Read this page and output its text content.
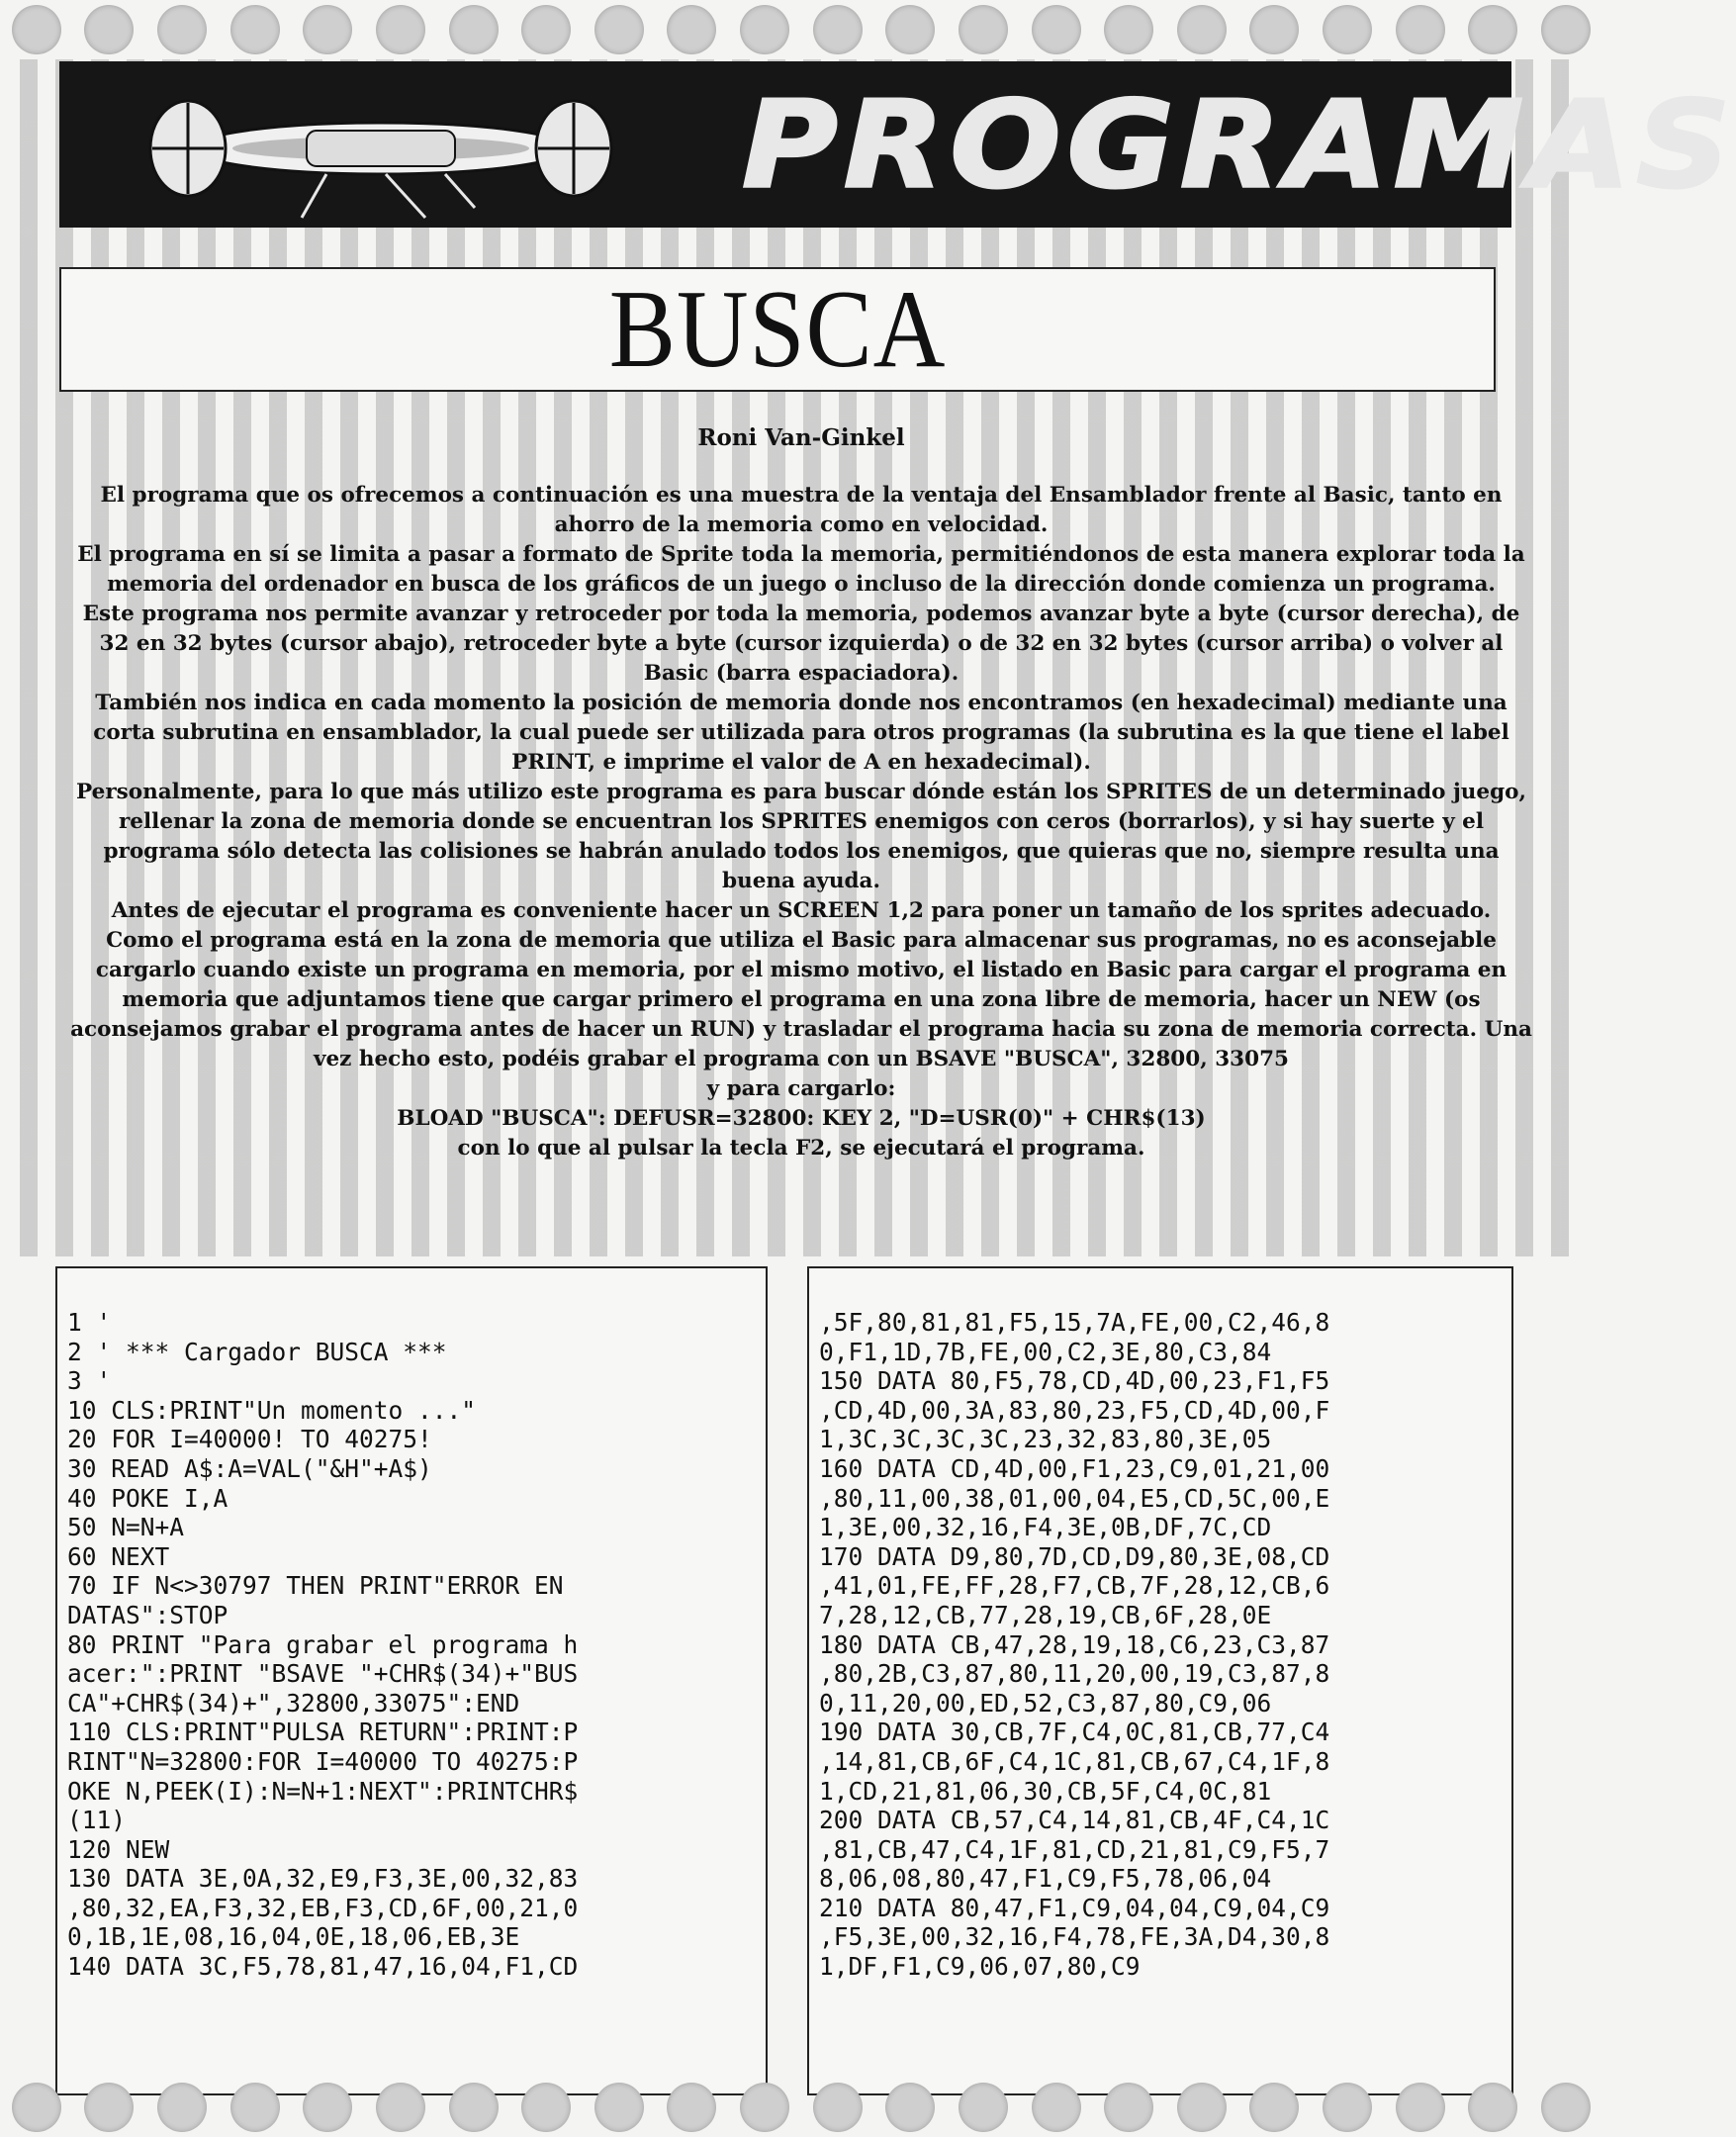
PROGRAMAS
BUSCA

Roni Van-Ginkel

El programa que os ofrecemos a continuación es una muestra de la ventaja del Ensamblador frente al Basic, tanto en ahorro de la memoria como en velocidad.

El programa en sí se limita a pasar a formato de Sprite toda la memoria, permitiéndonos de esta manera explorar toda la memoria del ordenador en busca de los gráficos de un juego o incluso de la dirección donde comienza un programa.

Este programa nos permite avanzar y retroceder por toda la memoria, podemos avanzar byte a byte (cursor derecha), de 32 en 32 bytes (cursor abajo), retroceder byte a byte (cursor izquierda) o de 32 en 32 bytes (cursor arriba) o volver al Basic (barra espaciadora).

También nos indica en cada momento la posición de memoria donde nos encontramos (en hexadecimal) mediante una corta subrutina en ensamblador, la cual puede ser utilizada para otros programas (la subrutina es la que tiene el label PRINT, e imprime el valor de A en hexadecimal).

Personalmente, para lo que más utilizo este programa es para buscar dónde están los SPRITES de un determinado juego, rellenar la zona de memoria donde se encuentran los SPRITES enemigos con ceros (borrarlos), y si hay suerte y el programa sólo detecta las colisiones se habrán anulado todos los enemigos, que quieras que no, siempre resulta una buena ayuda.

Antes de ejecutar el programa es conveniente hacer un SCREEN 1,2 para poner un tamaño de los sprites adecuado.

Como el programa está en la zona de memoria que utiliza el Basic para almacenar sus programas, no es aconsejable cargarlo cuando existe un programa en memoria, por el mismo motivo, el listado en Basic para cargar el programa en memoria que adjuntamos tiene que cargar primero el programa en una zona libre de memoria, hacer un NEW (os aconsejamos grabar el programa antes de hacer un RUN) y trasladar el programa hacia su zona de memoria correcta. Una vez hecho esto, podéis grabar el programa con un BSAVE "BUSCA", 32800, 33075

y para cargarlo:

BLOAD "BUSCA": DEFUSR=32800: KEY 2, "D=USR(0)" + CHR$(13)

con lo que al pulsar la tecla F2, se ejecutará el programa.

1 '
2 ' *** Cargador BUSCA ***
3 '
10 CLS:PRINT"Un momento ..."
20 FOR I=40000! TO 40275!
30 READ A$:A=VAL("&H"+A$)
40 POKE I,A
50 N=N+A
60 NEXT
70 IF N<>30797 THEN PRINT"ERROR EN
DATAS":STOP
80 PRINT "Para grabar el programa h
acer:":PRINT "BSAVE "+CHR$(34)+"BUS
CA"+CHR$(34)+",32800,33075":END
110 CLS:PRINT"PULSA RETURN":PRINT:P
RINT"N=32800:FOR I=40000 TO 40275:P
OKE N,PEEK(I):N=N+1:NEXT":PRINTCHR$
(11)
120 NEW
130 DATA 3E,0A,32,E9,F3,3E,00,32,83
,80,32,EA,F3,32,EB,F3,CD,6F,00,21,0
0,1B,1E,08,16,04,0E,18,06,EB,3E
140 DATA 3C,F5,78,81,47,16,04,F1,CD
,5F,80,81,81,F5,15,7A,FE,00,C2,46,8
0,F1,1D,7B,FE,00,C2,3E,80,C3,84
150 DATA 80,F5,78,CD,4D,00,23,F1,F5
,CD,4D,00,3A,83,80,23,F5,CD,4D,00,F
1,3C,3C,3C,3C,23,32,83,80,3E,05
160 DATA CD,4D,00,F1,23,C9,01,21,00
,80,11,00,38,01,00,04,E5,CD,5C,00,E
1,3E,00,32,16,F4,3E,0B,DF,7C,CD
170 DATA D9,80,7D,CD,D9,80,3E,08,CD
,41,01,FE,FF,28,F7,CB,7F,28,12,CB,6
7,28,12,CB,77,28,19,CB,6F,28,0E
180 DATA CB,47,28,19,18,C6,23,C3,87
,80,2B,C3,87,80,11,20,00,19,C3,87,8
0,11,20,00,ED,52,C3,87,80,C9,06
190 DATA 30,CB,7F,C4,0C,81,CB,77,C4
,14,81,CB,6F,C4,1C,81,CB,67,C4,1F,8
1,CD,21,81,06,30,CB,5F,C4,0C,81
200 DATA CB,57,C4,14,81,CB,4F,C4,1C
,81,CB,47,C4,1F,81,CD,21,81,C9,F5,7
8,06,08,80,47,F1,C9,F5,78,06,04
210 DATA 80,47,F1,C9,04,04,C9,04,C9
,F5,3E,00,32,16,F4,78,FE,3A,D4,30,8
1,DF,F1,C9,06,07,80,C9
